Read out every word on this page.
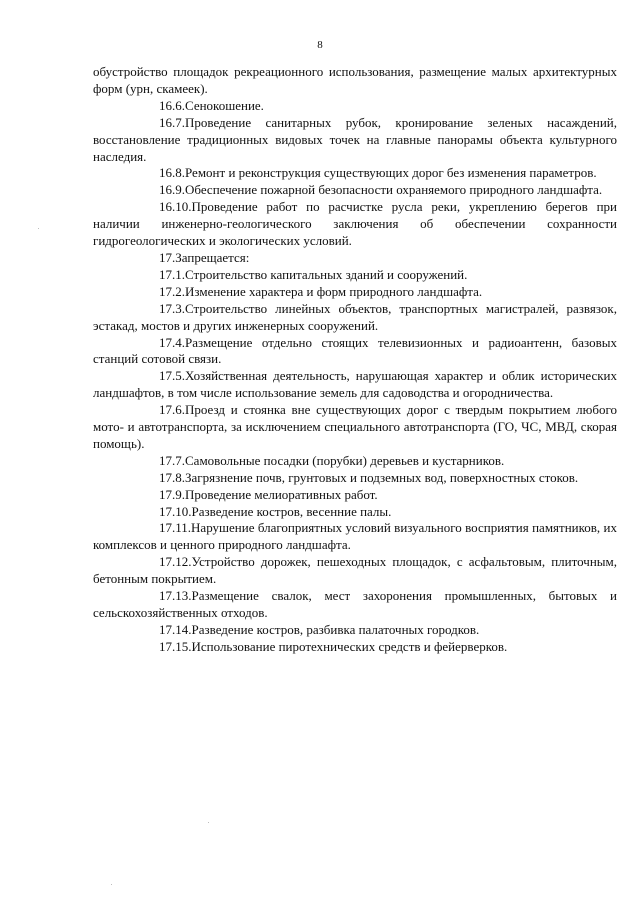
8

обустройство площадок рекреационного использования, размещение малых архитектурных форм (урн, скамеек).

16.6.Сенокошение.

16.7.Проведение санитарных рубок, кронирование зеленых насаждений, восстановление традиционных видовых точек на главные панорамы объекта культурного наследия.

16.8.Ремонт и реконструкция существующих дорог без изменения параметров.

16.9.Обеспечение пожарной безопасности охраняемого природного ландшафта.

16.10.Проведение работ по расчистке русла реки, укреплению берегов при наличии инженерно-геологического заключения об обеспечении сохранности гидрогеологических и экологических условий.

17.Запрещается:

17.1.Строительство капитальных зданий и сооружений.

17.2.Изменение характера и форм природного ландшафта.

17.3.Строительство линейных объектов, транспортных магистралей, развязок, эстакад, мостов и других инженерных сооружений.

17.4.Размещение отдельно стоящих телевизионных и радиоантенн, базовых станций сотовой связи.

17.5.Хозяйственная деятельность, нарушающая характер и облик исторических ландшафтов, в том числе использование земель для садоводства и огородничества.

17.6.Проезд и стоянка вне существующих дорог с твердым покрытием любого мото- и автотранспорта, за исключением специального автотранспорта (ГО, ЧС, МВД, скорая помощь).

17.7.Самовольные посадки (порубки) деревьев и кустарников.

17.8.Загрязнение почв, грунтовых и подземных вод, поверхностных стоков.

17.9.Проведение мелиоративных работ.

17.10.Разведение костров, весенние палы.

17.11.Нарушение благоприятных условий визуального восприятия памятников, их комплексов и ценного природного ландшафта.

17.12.Устройство дорожек, пешеходных площадок, с асфальтовым, плиточным, бетонным покрытием.

17.13.Размещение свалок, мест захоронения промышленных, бытовых и сельскохозяйственных отходов.

17.14.Разведение костров, разбивка палаточных городков.

17.15.Использование пиротехнических средств и фейерверков.
